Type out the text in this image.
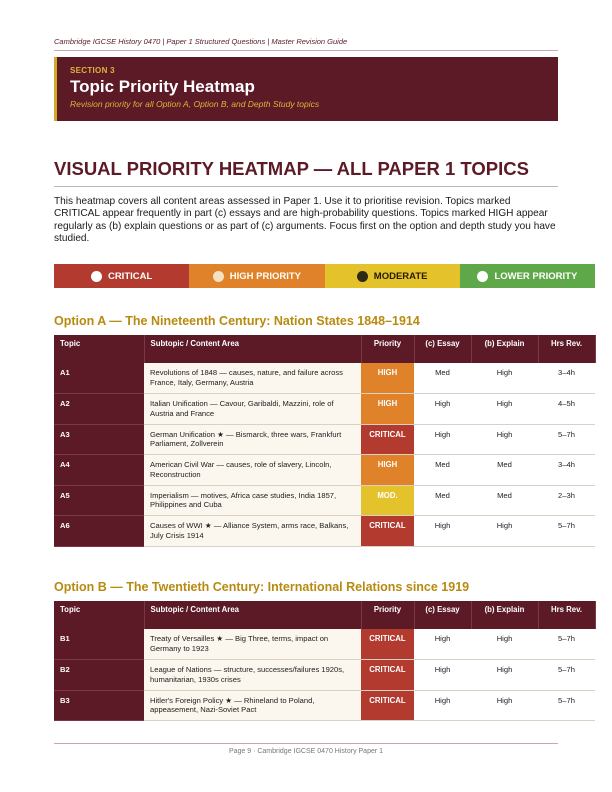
Cambridge IGCSE History 0470 | Paper 1 Structured Questions | Master Revision Guide
SECTION 3
Topic Priority Heatmap
Revision priority for all Option A, Option B, and Depth Study topics
VISUAL PRIORITY HEATMAP — ALL PAPER 1 TOPICS

This heatmap covers all content areas assessed in Paper 1. Use it to prioritise revision. Topics marked CRITICAL appear frequently in part (c) essays and are high-probability questions. Topics marked HIGH appear regularly as (b) explain questions or as part of (c) arguments. Focus first on the option and depth study you have studied.

CRITICAL	HIGH PRIORITY	MODERATE	LOWER PRIORITY
Option A — The Nineteenth Century: Nation States 1848–1914
Topic	Subtopic / Content Area	Priority	(c) Essay	(b) Explain	Hrs Rev.
A1	Revolutions of 1848 — causes, nature, and failure across France, Italy, Germany, Austria	HIGH	Med	High	3–4h
A2	Italian Unification — Cavour, Garibaldi, Mazzini, role of Austria and France	HIGH	High	High	4–5h
A3	German Unification ★ — Bismarck, three wars, Frankfurt Parliament, Zollverein	CRITICAL	High	High	5–7h
A4	American Civil War — causes, role of slavery, Lincoln, Reconstruction	HIGH	Med	Med	3–4h
A5	Imperialism — motives, Africa case studies, India 1857, Philippines and Cuba	MOD.	Med	Med	2–3h
A6	Causes of WWI ★ — Alliance System, arms race, Balkans, July Crisis 1914	CRITICAL	High	High	5–7h
Option B — The Twentieth Century: International Relations since 1919
Topic	Subtopic / Content Area	Priority	(c) Essay	(b) Explain	Hrs Rev.
B1	Treaty of Versailles ★ — Big Three, terms, impact on Germany to 1923	CRITICAL	High	High	5–7h
B2	League of Nations — structure, successes/failures 1920s, humanitarian, 1930s crises	CRITICAL	High	High	5–7h
B3	Hitler's Foreign Policy ★ — Rhineland to Poland, appeasement, Nazi-Soviet Pact	CRITICAL	High	High	5–7h
Page 9 · Cambridge IGCSE 0470 History Paper 1
